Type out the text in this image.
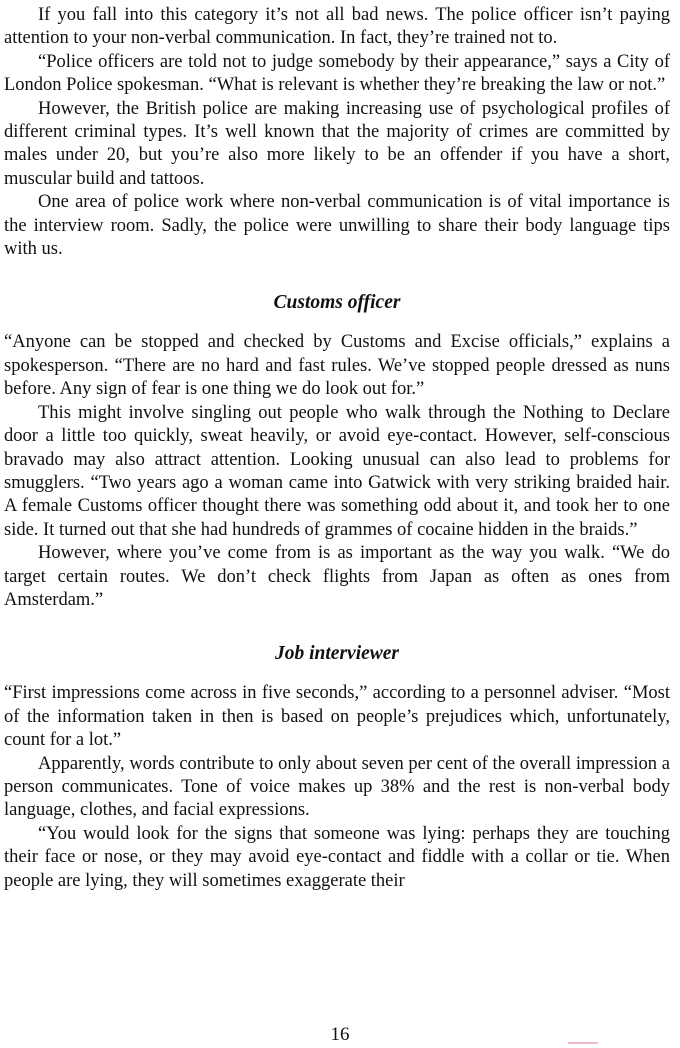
If you fall into this category it’s not all bad news. The police officer isn’t paying attention to your non-verbal communication. In fact, they’re trained not to.

“Police officers are told not to judge somebody by their appearance,” says a City of London Police spokesman. “What is relevant is whether they’re breaking the law or not.”

However, the British police are making increasing use of psychological profiles of different criminal types. It’s well known that the majority of crimes are committed by males under 20, but you’re also more likely to be an offender if you have a short, muscular build and tattoos.

One area of police work where non-verbal communication is of vital importance is the interview room. Sadly, the police were unwilling to share their body language tips with us.

Customs officer

“Anyone can be stopped and checked by Customs and Excise officials,” explains a spokesperson. “There are no hard and fast rules. We’ve stopped people dressed as nuns before. Any sign of fear is one thing we do look out for.”

This might involve singling out people who walk through the Nothing to Declare door a little too quickly, sweat heavily, or avoid eye-contact. However, self-conscious bravado may also attract attention. Looking unusual can also lead to problems for smugglers. “Two years ago a woman came into Gatwick with very striking braided hair. A female Customs officer thought there was something odd about it, and took her to one side. It turned out that she had hundreds of grammes of cocaine hidden in the braids.”

However, where you’ve come from is as important as the way you walk. “We do target certain routes. We don’t check flights from Japan as often as ones from Amsterdam.”

Job interviewer

“First impressions come across in five seconds,” according to a personnel adviser. “Most of the information taken in then is based on people’s prejudices which, unfortunately, count for a lot.”

Apparently, words contribute to only about seven per cent of the overall impression a person communicates. Tone of voice makes up 38% and the rest is non-verbal body language, clothes, and facial expressions.

“You would look for the signs that someone was lying: perhaps they are touching their face or nose, or they may avoid eye-contact and fiddle with a collar or tie. When people are lying, they will sometimes exaggerate their

16
